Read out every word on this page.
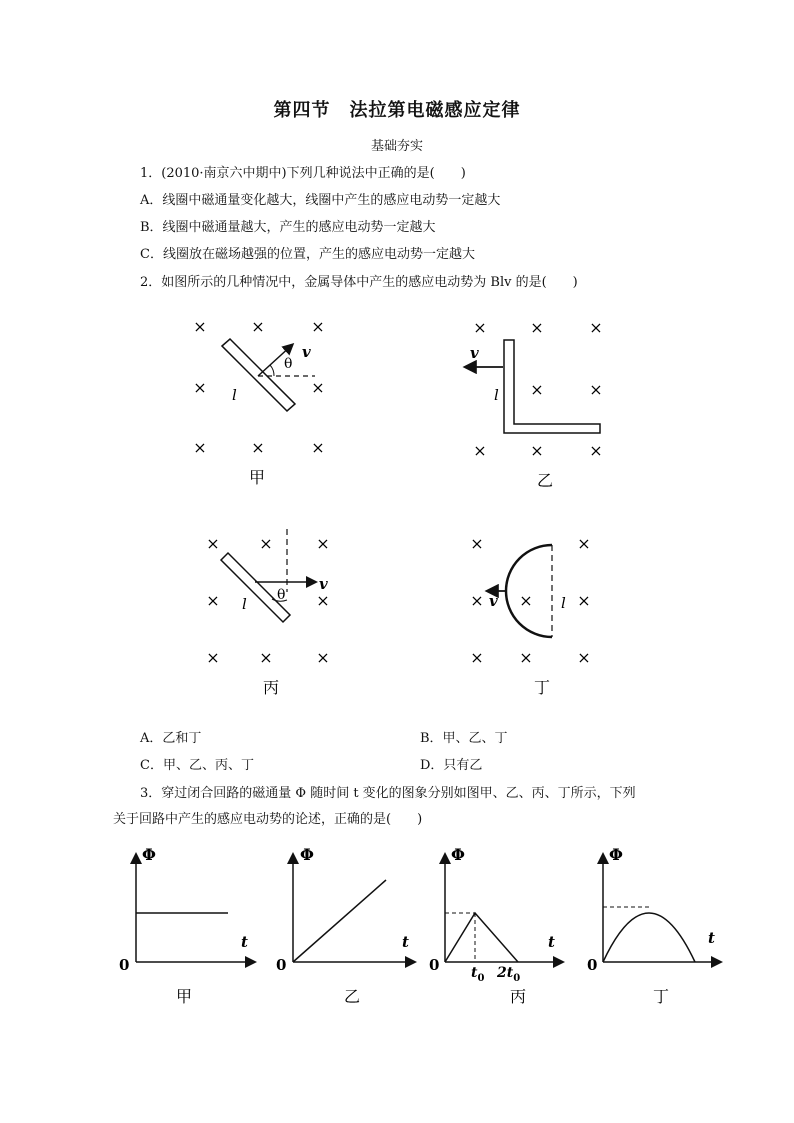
第四节　法拉第电磁感应定律
基础夯实
1．(2010·南京六中期中)下列几种说法中正确的是(　　)
A．线圈中磁通量变化越大，线圈中产生的感应电动势一定越大
B．线圈中磁通量越大，产生的感应电动势一定越大
C．线圈放在磁场越强的位置，产生的感应电动势一定越大
2．如图所示的几种情况中，金属导体中产生的感应电动势为 Blv 的是(　　)
×	×	×
×	×
×	×	×
θ
v
l
甲
×	×	×
×	×
×	×	×
v
l
乙
× ×	×
×	×
× ×	×
θ
v
l
丙
×	×
× ×	×
× ×	×
v	l
丁
A．乙和丁	B．甲、乙、丁
C．甲、乙、丙、丁	D．只有乙
3．穿过闭合回路的磁通量 Φ 随时间 t 变化的图象分别如图甲、乙、丙、丁所示，下列
关于回路中产生的感应电动势的论述，正确的是(　　)
Φ
t
0
甲
Φ
t
0
乙
Φ
t
0 $t_0$ $2t_0$
丙
Φ
t
0
丁
